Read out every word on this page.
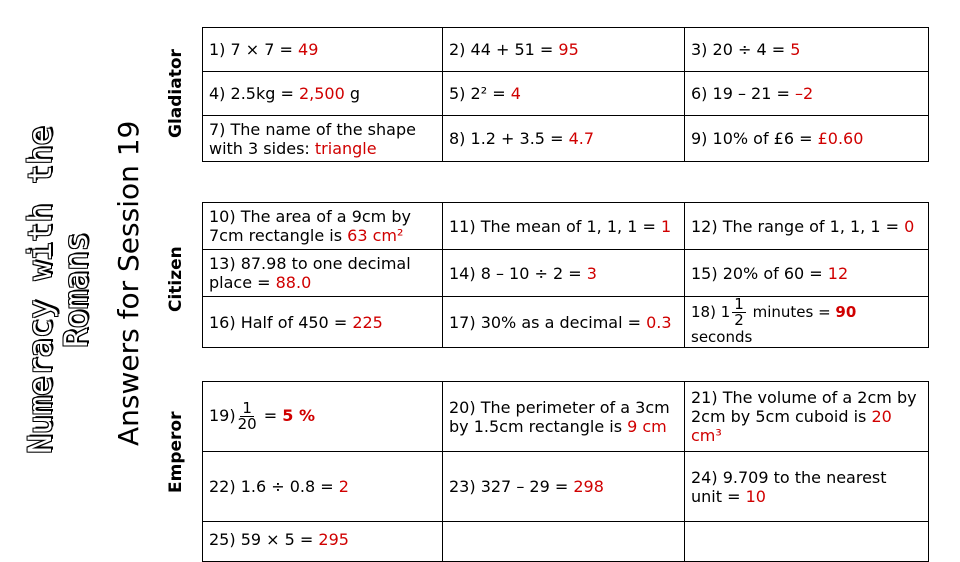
Numeracy with the
Romans Answers for Session 19
Gladiator
Citizen
Emperor
1) 7 × 7 = 49	2) 44 + 51 = 95	3) 20 ÷ 4 = 5
4) 2.5kg = 2,500 g	5) 2² = 4	6) 19 – 21 = –2
7) The name of the shape with 3 sides: triangle	8) 1.2 + 3.5 = 4.7	9) 10% of £6 = £0.60
10) The area of a 9cm by 7cm rectangle is 63 cm²	11) The mean of 1, 1, 1 = 1	12) The range of 1, 1, 1 = 0
13) 87.98 to one decimal place = 88.0	14) 8 – 10 ÷ 2 = 3	15) 20% of 60 = 12
16) Half of 450 = 225	17) 30% as a decimal = 0.3	18) $1 \frac{1}{2}$ minutes = 90 seconds
$19) \frac{1}{20} = 5$ %	20) The perimeter of a 3cm by 1.5cm rectangle is 9 cm	21) The volume of a 2cm by 2cm by 5cm cuboid is 20 cm³
22) 1.6 ÷ 0.8 = 2	23) 327 – 29 = 298	24) 9.709 to the nearest unit = 10
25) 59 × 5 = 295		
